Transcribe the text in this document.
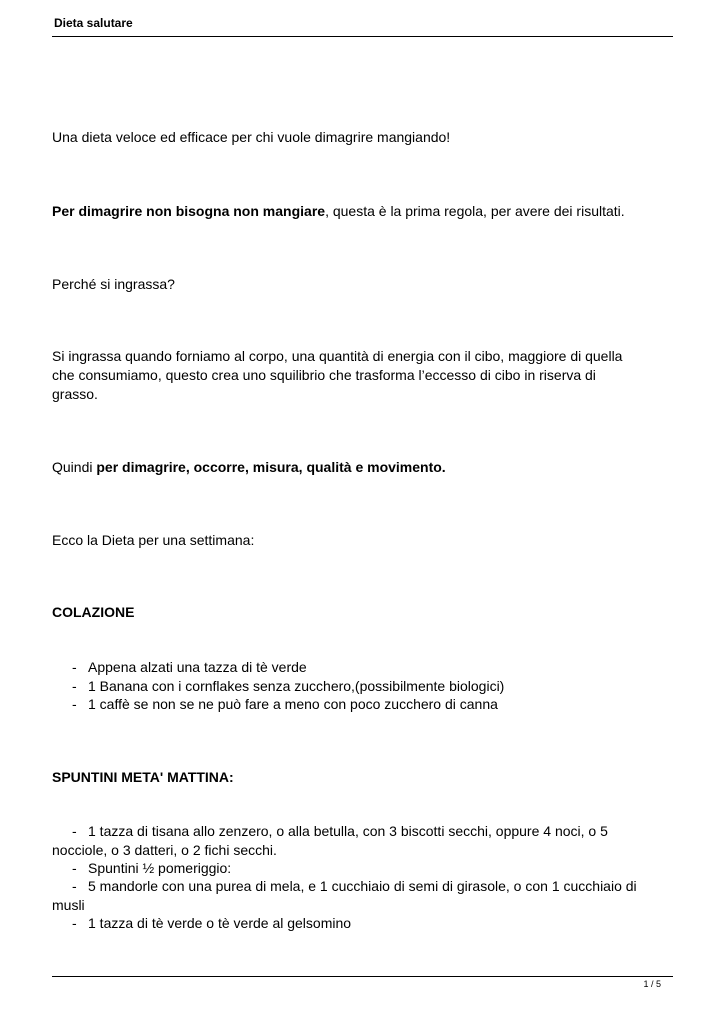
Dieta salutare

Una dieta veloce ed efficace per chi vuole dimagrire mangiando!

Per dimagrire non bisogna non mangiare, questa è la prima regola, per avere dei risultati.

Perché si ingrassa?

Si ingrassa quando forniamo al corpo, una quantità di energia con il cibo, maggiore di quella

che consumiamo, questo crea uno squilibrio che trasforma l’eccesso di cibo in riserva di

grasso.

Quindi per dimagrire, occorre, misura, qualità e movimento.

Ecco la Dieta per una settimana:

COLAZIONE

- Appena alzati una tazza di tè verde
- 1 Banana con i cornflakes senza zucchero,(possibilmente biologici)
- 1 caffè se non se ne può fare a meno con poco zucchero di canna

SPUNTINI META' MATTINA:

- 1 tazza di tisana allo zenzero, o alla betulla, con 3 biscotti secchi, oppure 4 noci, o 5 nocciole, o 3 datteri, o 2 fichi secchi.
- Spuntini ½ pomeriggio:
- 5 mandorle con una purea di mela, e 1 cucchiaio di semi di girasole, o con 1 cucchiaio di musli
- 1 tazza di tè verde o tè verde al gelsomino
1 / 5
